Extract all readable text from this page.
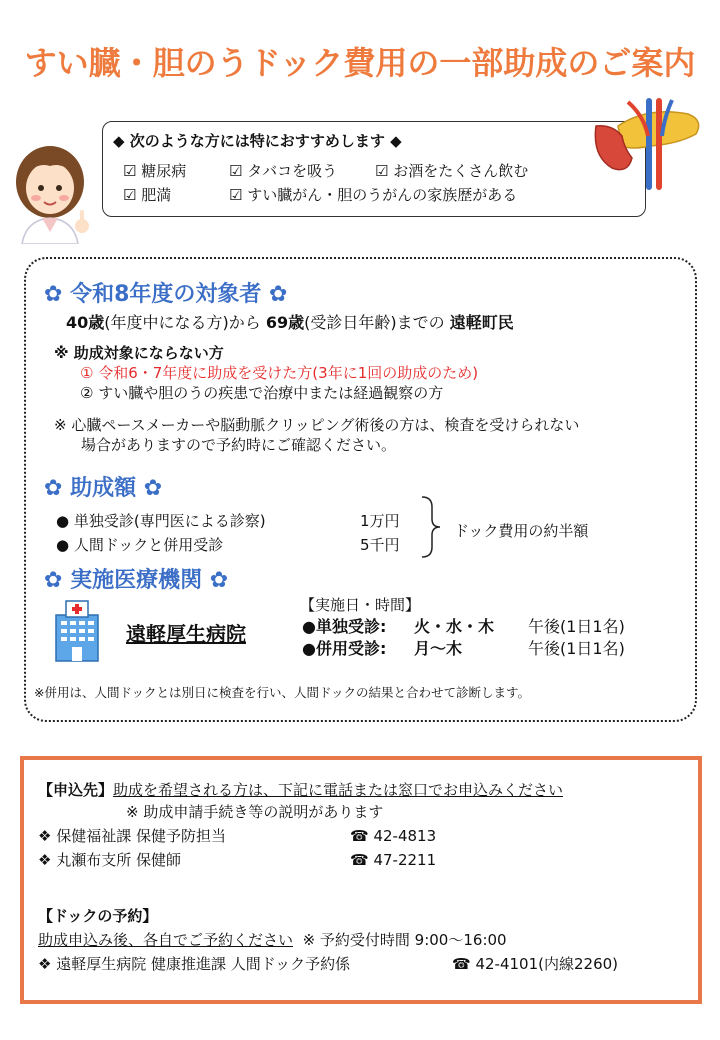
すい臓・胆のうドック費用の一部助成のご案内
◆ 次のような方には特におすすめします ◆
☑ 糖尿病	☑ タバコを吸う	☑ お酒をたくさん飲む
☑ 肥満	☑ すい臓がん・胆のうがんの家族歴がある
✿ 令和8年度の対象者 ✿
40歳(年度中になる方)から 69歳(受診日年齢)までの 遠軽町民
※ 助成対象にならない方
① 令和6・7年度に助成を受けた方(3年に1回の助成のため)
② すい臓や胆のうの疾患で治療中または経過観察の方
※ 心臓ペースメーカーや脳動脈クリッピング術後の方は、検査を受けられない
場合がありますので予約時にご確認ください。
✿ 助成額 ✿
● 単独受診(専門医による診察)	1万円
● 人間ドックと併用受診	5千円
ドック費用の約半額
✿ 実施医療機関 ✿
遠軽厚生病院
【実施日・時間】
●単独受診: 火・水・木 午後(1日1名)
●併用受診: 月～木	午後(1日1名)
※併用は、人間ドックとは別日に検査を行い、人間ドックの結果と合わせて診断します。
【申込先】助成を希望される方は、下記に電話または窓口でお申込みください
※ 助成申請手続き等の説明があります
❖ 保健福祉課 保健予防担当	☎ 42-4813
❖ 丸瀬布支所 保健師	☎ 47-2211
【ドックの予約】
助成申込み後、各自でご予約ください ※ 予約受付時間 9:00～16:00
❖ 遠軽厚生病院 健康推進課 人間ドック予約係	☎ 42-4101(内線2260)
